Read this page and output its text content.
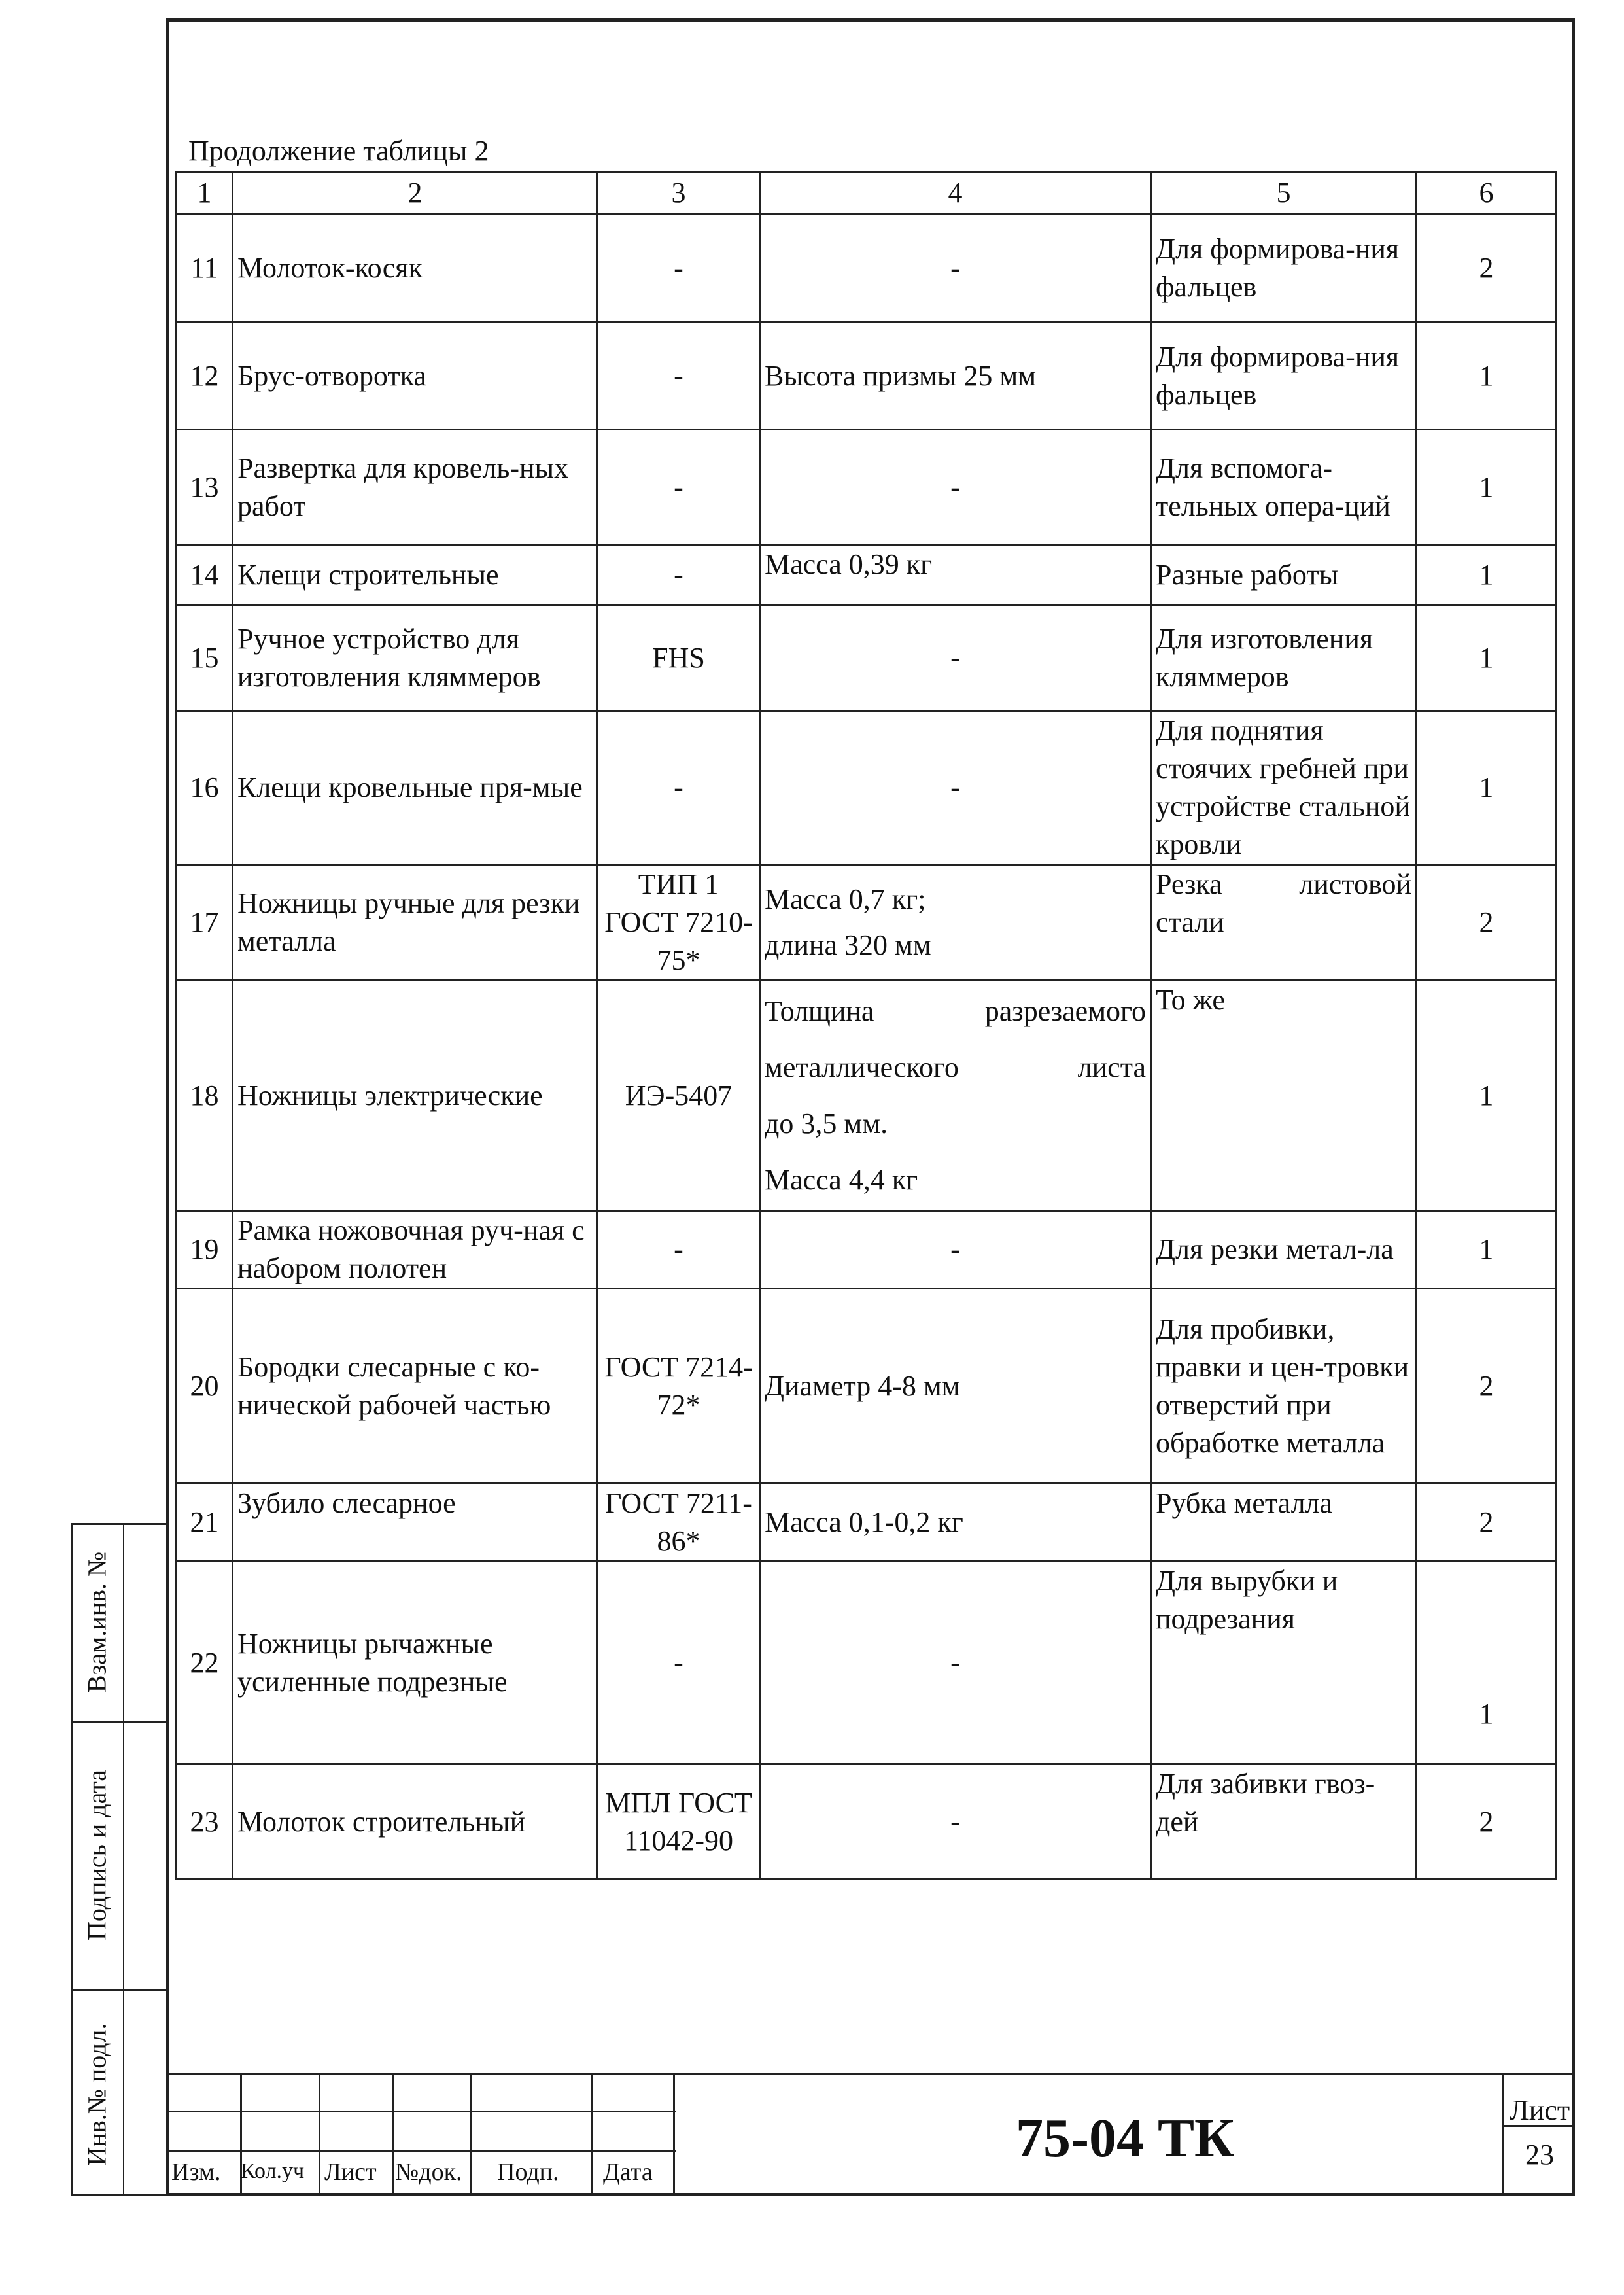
Взам.инв. №
Подпись и дата
Инв.№ подл.
Продолжение таблицы 2
1	2	3	4	5	6
11	Молоток-косяк	-	-	Для формирова-ния фальцев	2
12	Брус-отворотка	-	Высота призмы 25 мм	Для формирова-ния фальцев	1
13	Развертка для кровель-ных работ	-	-	Для вспомога-тельных опера-ций	1
14	Клещи строительные	-	Масса 0,39 кг	Разные работы	1
15	Ручное устройство для изготовления кляммеров	FHS	-	Для изготовления кляммеров	1
16	Клещи кровельные пря-мые	-	-	Для поднятия стоячих гребней при устройстве стальной кровли	1
17	Ножницы ручные для резки металла	ТИП 1 ГОСТ 7210-75*	Масса 0,7 кг;
длина 320 мм	Резка листовой стали	2
18	Ножницы электрические	ИЭ-5407	Толщина разрезаемого
металлического листа
до 3,5 мм.
Масса 4,4 кг	То же	1
19	Рамка ножовочная руч-ная с набором полотен	-	-	Для резки метал-ла	1
20	Бородки слесарные с ко-нической рабочей частью	ГОСТ 7214-72*	Диаметр 4-8 мм	Для пробивки, правки и цен-тровки отверстий при обработке металла	2
21	Зубило слесарное	ГОСТ 7211-86*	Масса 0,1-0,2 кг	Рубка металла	2
22	Ножницы рычажные усиленные подрезные	-	-	Для вырубки и подрезания	1
23	Молоток строительный	МПЛ ГОСТ 11042-90	-	Для забивки гвоз-дей	2
Изм. Кол.уч Лист №док. Подп. Дата
75-04 ТК	Лист
23
